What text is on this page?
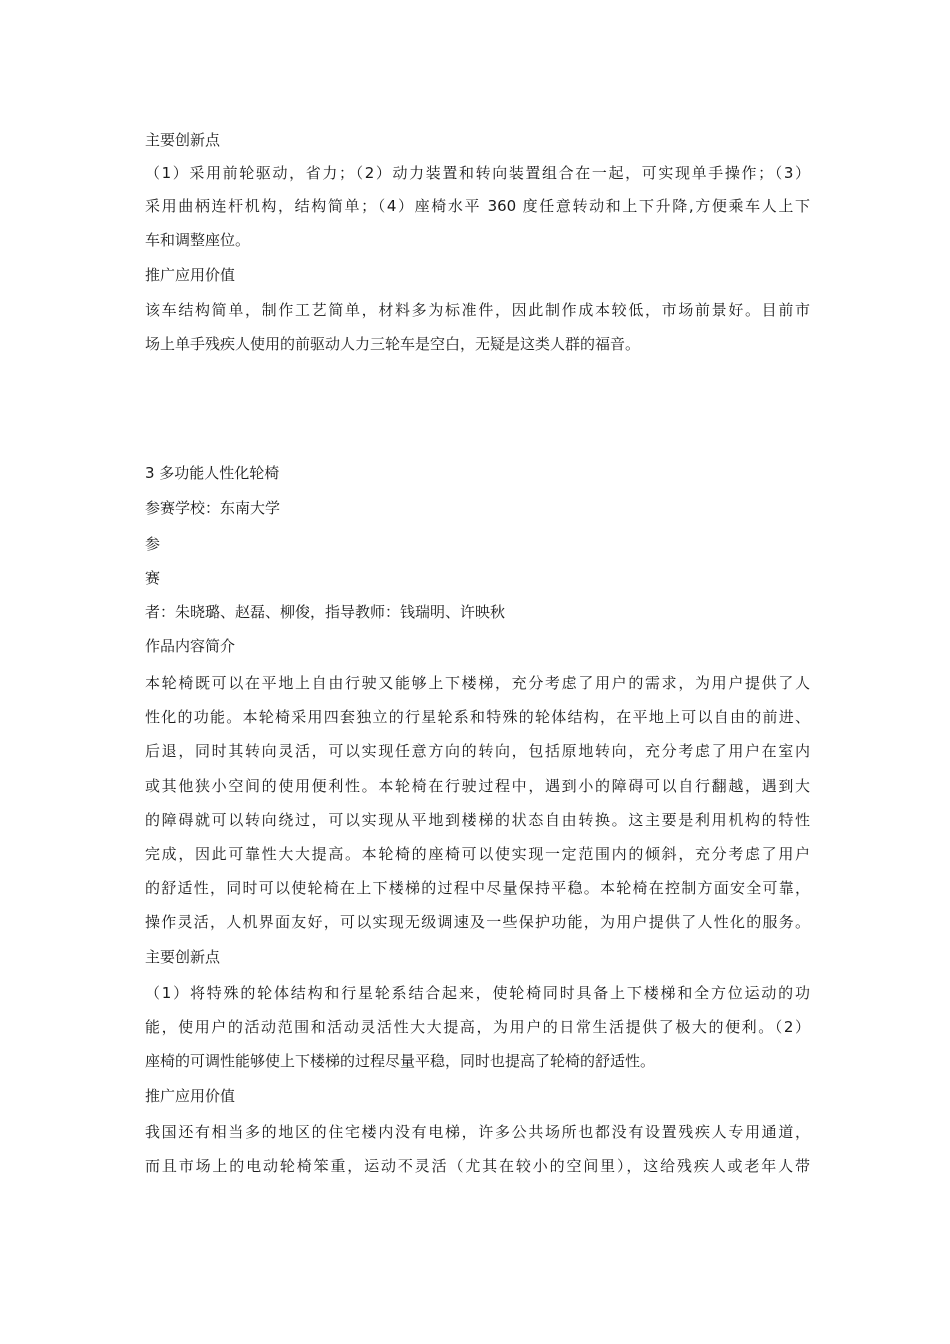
主要创新点
（1）采用前轮驱动，省力；（2）动力装置和转向装置组合在一起，可实现单手操作；（3）
采用曲柄连杆机构，结构简单；（4）座椅水平 360 度任意转动和上下升降,方便乘车人上下
车和调整座位。
推广应用价值
该车结构简单，制作工艺简单，材料多为标准件，因此制作成本较低，市场前景好。目前市
场上单手残疾人使用的前驱动人力三轮车是空白，无疑是这类人群的福音。
3 多功能人性化轮椅
参赛学校：东南大学
参
赛
者：朱晓璐、赵磊、柳俊，指导教师：钱瑞明、许映秋
作品内容简介
本轮椅既可以在平地上自由行驶又能够上下楼梯，充分考虑了用户的需求，为用户提供了人
性化的功能。本轮椅采用四套独立的行星轮系和特殊的轮体结构，在平地上可以自由的前进、
后退，同时其转向灵活，可以实现任意方向的转向，包括原地转向，充分考虑了用户在室内
或其他狭小空间的使用便利性。本轮椅在行驶过程中，遇到小的障碍可以自行翻越，遇到大
的障碍就可以转向绕过，可以实现从平地到楼梯的状态自由转换。这主要是利用机构的特性
完成，因此可靠性大大提高。本轮椅的座椅可以使实现一定范围内的倾斜，充分考虑了用户
的舒适性，同时可以使轮椅在上下楼梯的过程中尽量保持平稳。本轮椅在控制方面安全可靠，
操作灵活，人机界面友好，可以实现无级调速及一些保护功能，为用户提供了人性化的服务。
主要创新点
（1）将特殊的轮体结构和行星轮系结合起来，使轮椅同时具备上下楼梯和全方位运动的功
能，使用户的活动范围和活动灵活性大大提高，为用户的日常生活提供了极大的便利。（2）
座椅的可调性能够使上下楼梯的过程尽量平稳，同时也提高了轮椅的舒适性。
推广应用价值
我国还有相当多的地区的住宅楼内没有电梯，许多公共场所也都没有设置残疾人专用通道，
而且市场上的电动轮椅笨重，运动不灵活（尤其在较小的空间里），这给残疾人或老年人带
